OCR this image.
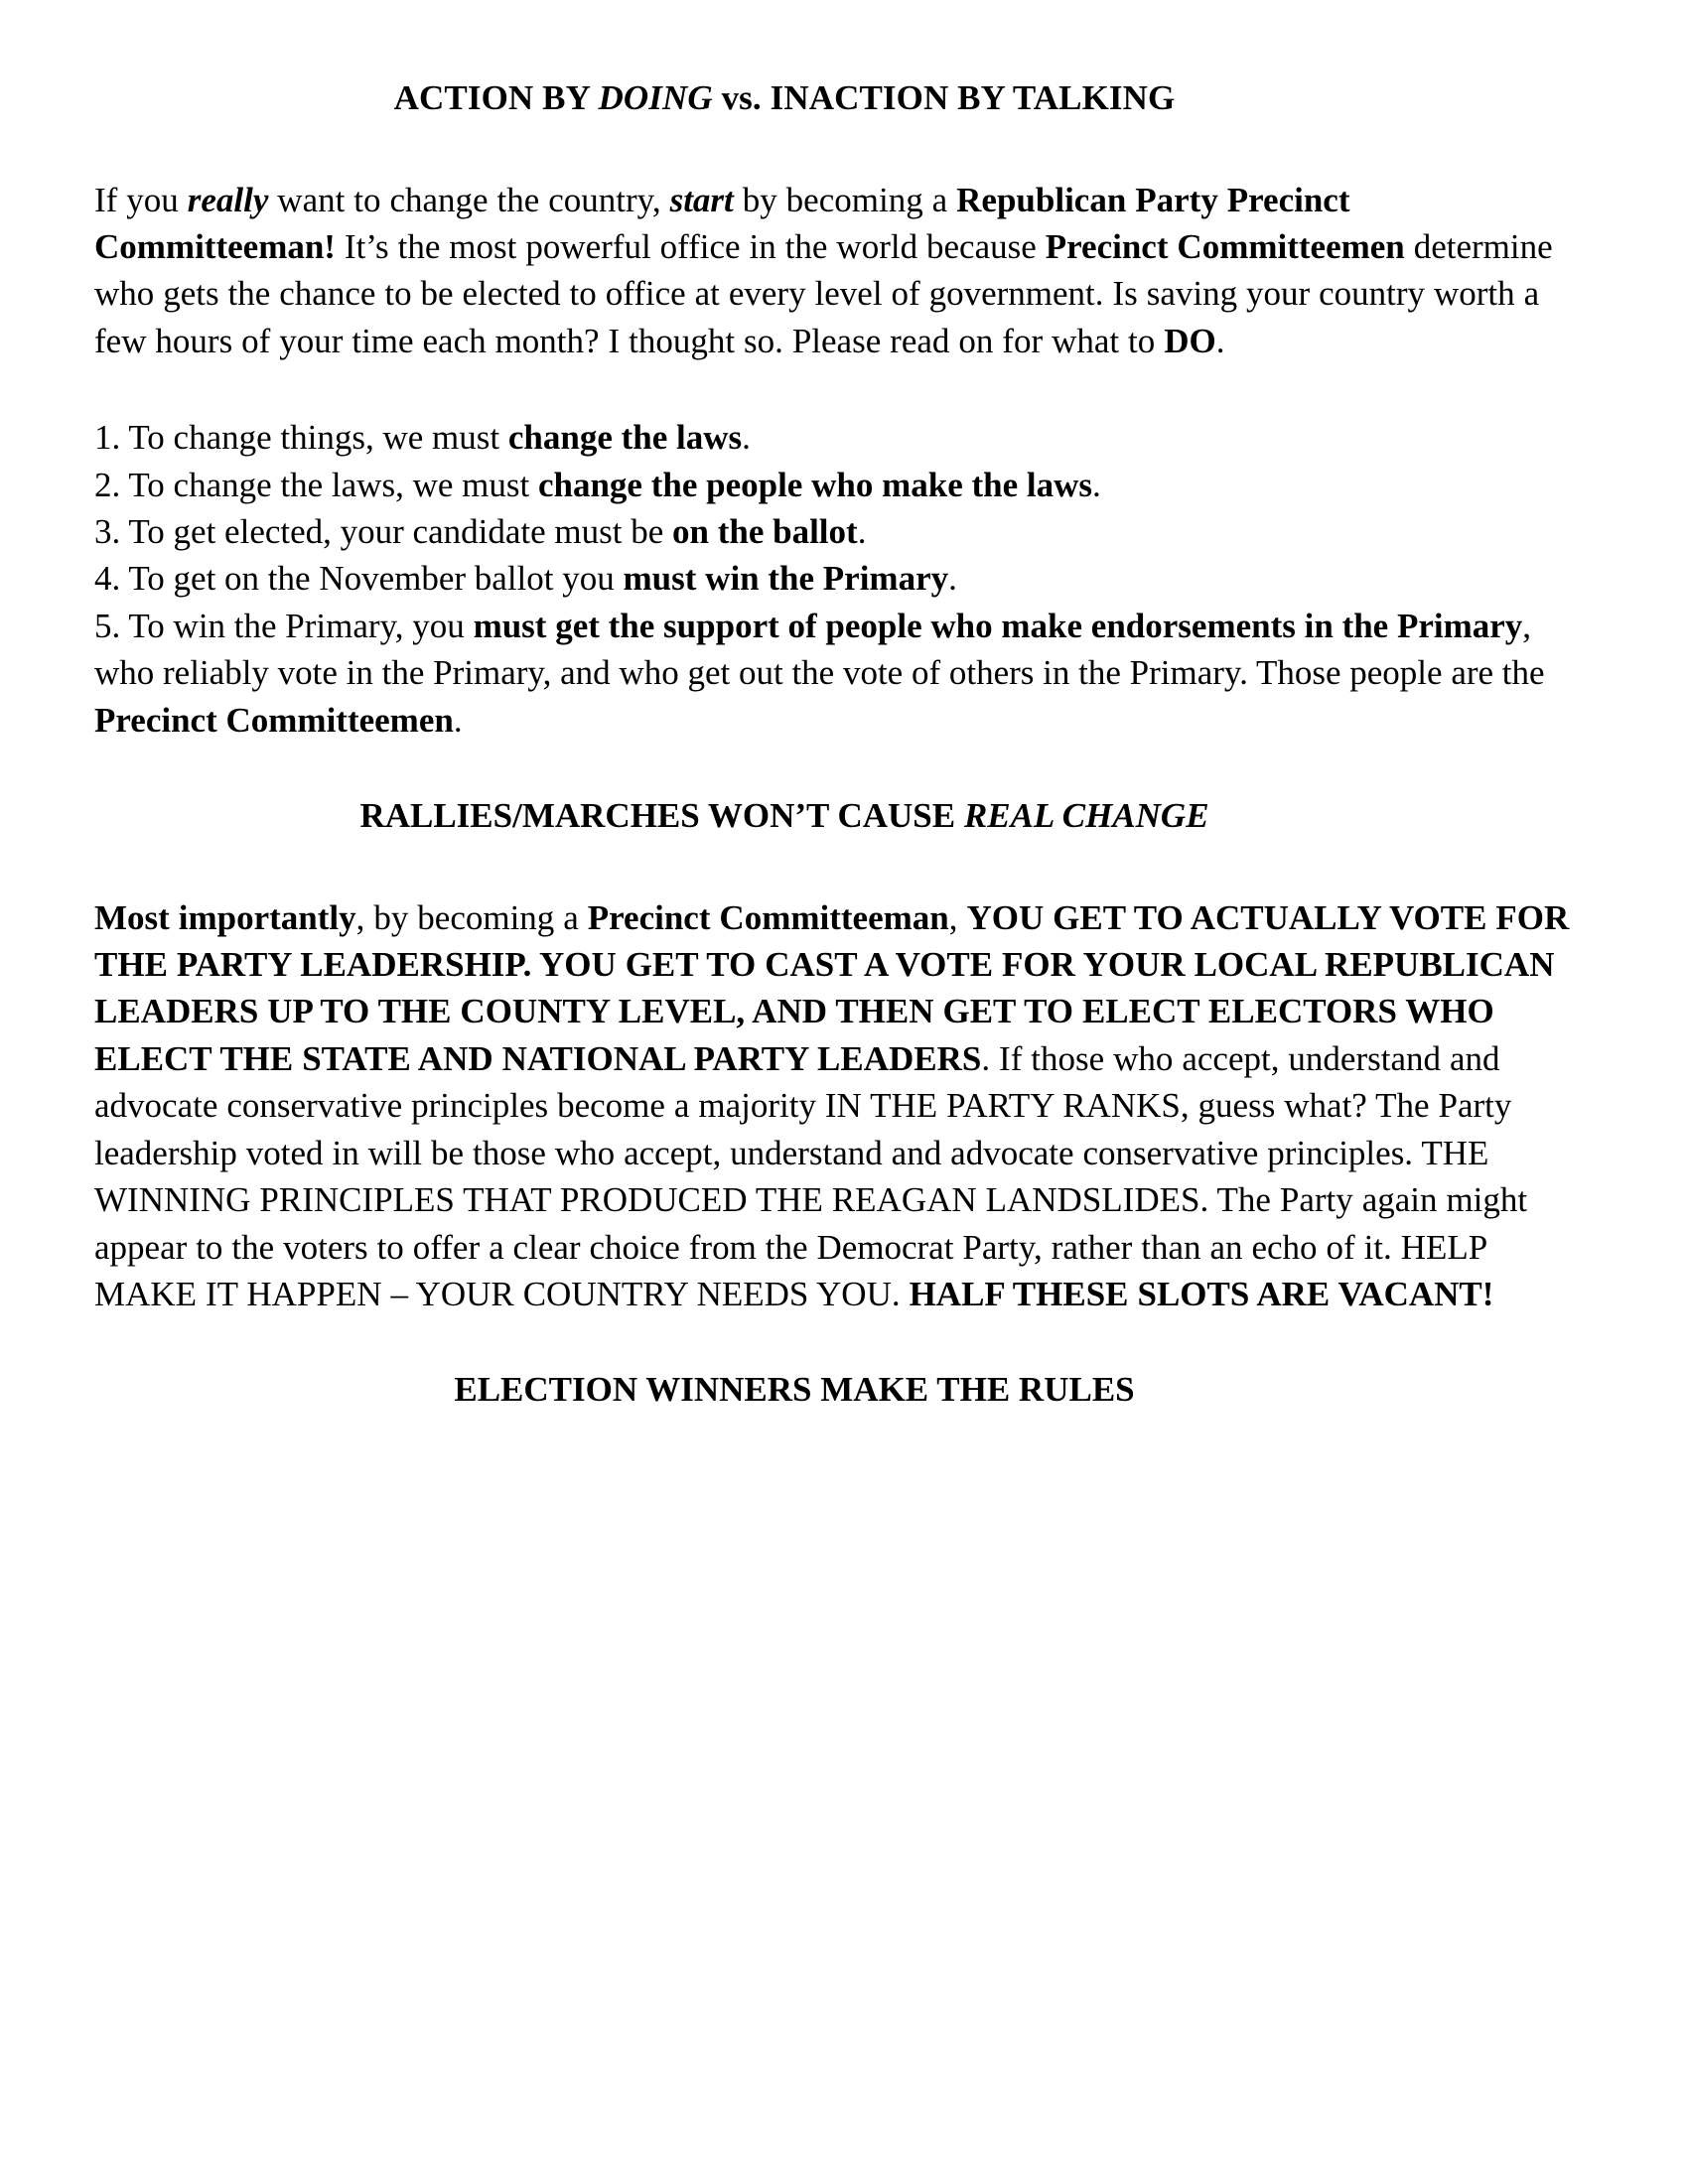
ACTION BY DOING vs. INACTION BY TALKING

If you really want to change the country, start by becoming a Republican Party Precinct Committeeman! It’s the most powerful office in the world because Precinct Committeemen determine who gets the chance to be elected to office at every level of government. Is saving your country worth a few hours of your time each month? I thought so. Please read on for what to DO.

1. To change things, we must change the laws.
2. To change the laws, we must change the people who make the laws.
3. To get elected, your candidate must be on the ballot.
4. To get on the November ballot you must win the Primary.
5. To win the Primary, you must get the support of people who make endorsements in the Primary, who reliably vote in the Primary, and who get out the vote of others in the Primary. Those people are the Precinct Committeemen.
RALLIES/MARCHES WON’T CAUSE REAL CHANGE

Most importantly, by becoming a Precinct Committeeman, YOU GET TO ACTUALLY VOTE FOR THE PARTY LEADERSHIP. YOU GET TO CAST A VOTE FOR YOUR LOCAL REPUBLICAN LEADERS UP TO THE COUNTY LEVEL, AND THEN GET TO ELECT ELECTORS WHO ELECT THE STATE AND NATIONAL PARTY LEADERS. If those who accept, understand and advocate conservative principles become a majority IN THE PARTY RANKS, guess what? The Party leadership voted in will be those who accept, understand and advocate conservative principles. THE WINNING PRINCIPLES THAT PRODUCED THE REAGAN LANDSLIDES. The Party again might appear to the voters to offer a clear choice from the Democrat Party, rather than an echo of it. HELP MAKE IT HAPPEN – YOUR COUNTRY NEEDS YOU. HALF THESE SLOTS ARE VACANT!

ELECTION WINNERS MAKE THE RULES
